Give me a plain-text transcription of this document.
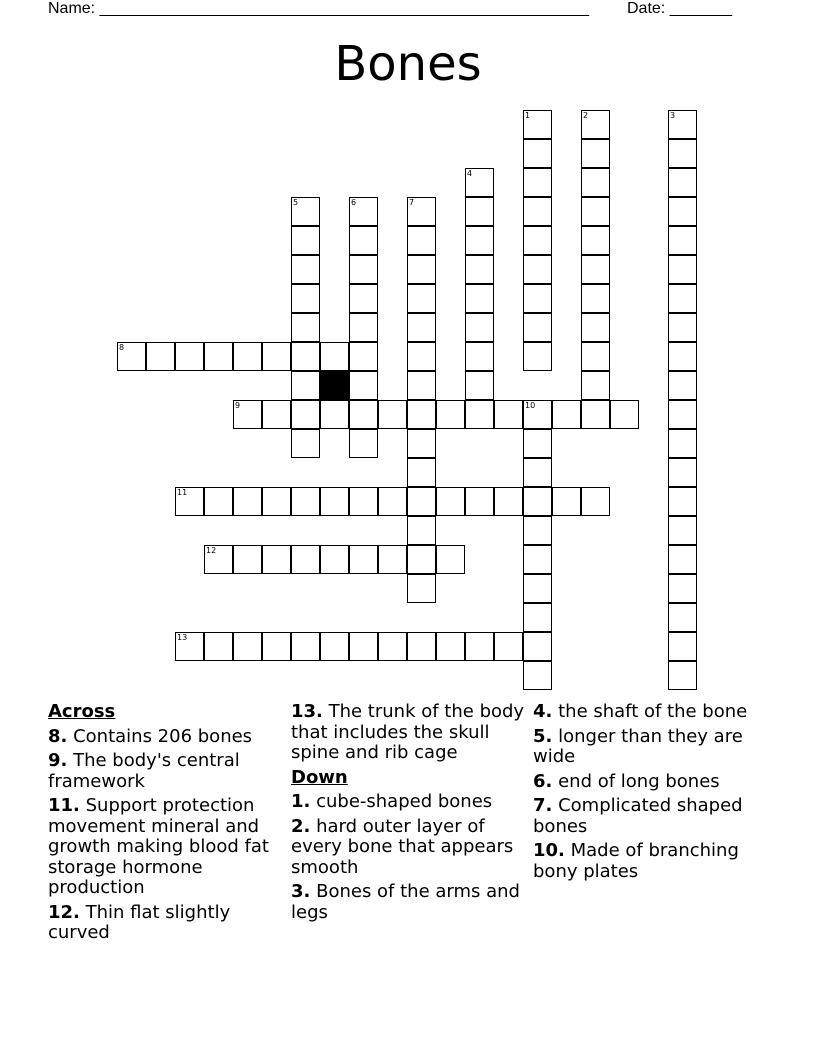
Name: _______________________________________________________ Date: _______
Bones
1	2	3
4
5	6	7
8
9	10
11
12
13
Across
8. Contains 206 bones
9. The body's central framework
11. Support protection movement mineral and growth making blood fat storage hormone production
12. Thin flat slightly curved
13. The trunk of the body that includes the skull spine and rib cage
Down
1. cube-shaped bones
2. hard outer layer of every bone that appears smooth
3. Bones of the arms and legs
4. the shaft of the bone
5. longer than they are wide
6. end of long bones
7. Complicated shaped bones
10. Made of branching bony plates
